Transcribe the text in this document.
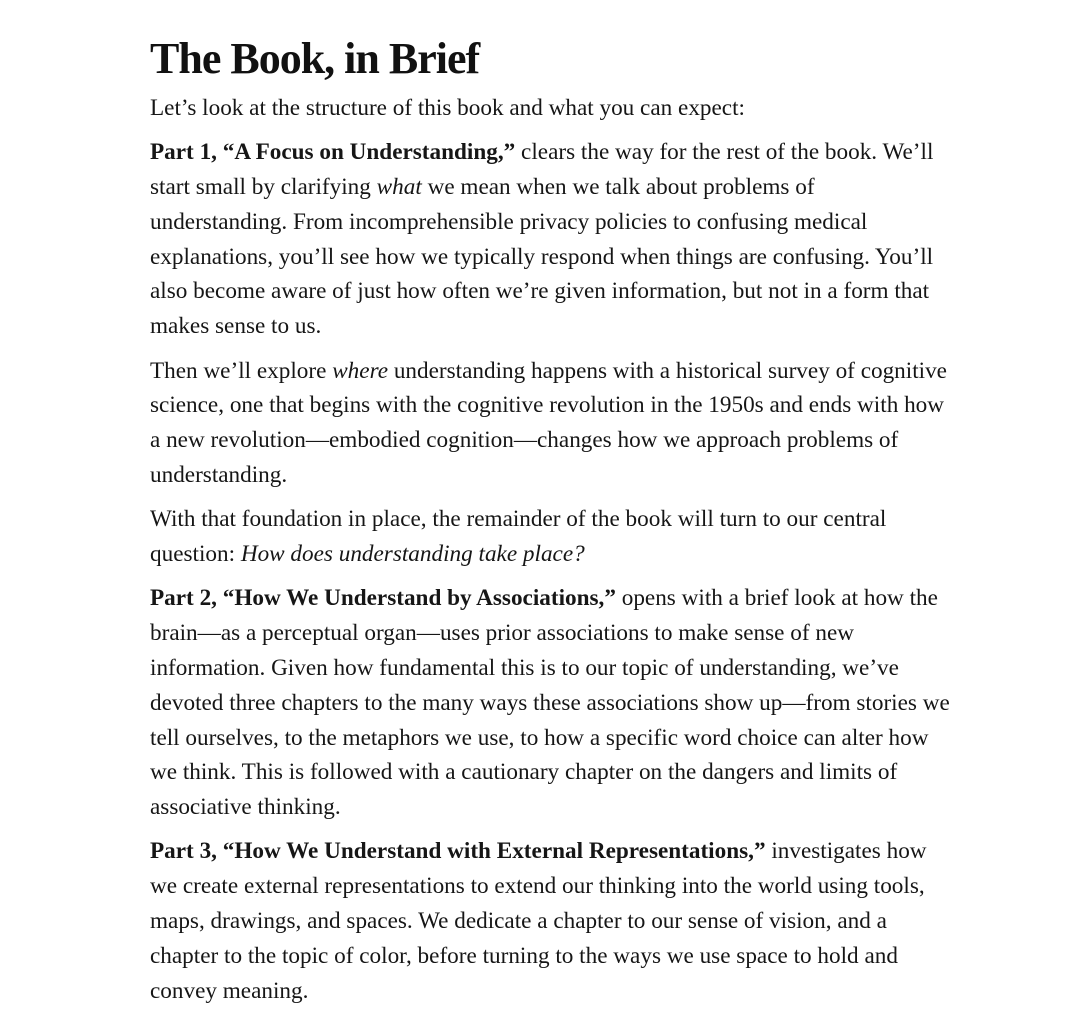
The Book, in Brief

Let’s look at the structure of this book and what you can expect:

Part 1, “A Focus on Understanding,” clears the way for the rest of the book. We’ll start small by clarifying what we mean when we talk about problems of understanding. From incomprehensible privacy policies to confusing medical explanations, you’ll see how we typically respond when things are confusing. You’ll also become aware of just how often we’re given information, but not in a form that makes sense to us.

Then we’ll explore where understanding happens with a historical survey of cognitive science, one that begins with the cognitive revolution in the 1950s and ends with how a new revolution—embodied cognition—changes how we approach problems of understanding.

With that foundation in place, the remainder of the book will turn to our central question: How does understanding take place?

Part 2, “How We Understand by Associations,” opens with a brief look at how the brain—as a perceptual organ—uses prior associations to make sense of new information. Given how fundamental this is to our topic of understanding, we’ve devoted three chapters to the many ways these associations show up—from stories we tell ourselves, to the metaphors we use, to how a specific word choice can alter how we think. This is followed with a cautionary chapter on the dangers and limits of associative thinking.

Part 3, “How We Understand with External Representations,” investigates how we create external representations to extend our thinking into the world using tools, maps, drawings, and spaces. We dedicate a chapter to our sense of vision, and a chapter to the topic of color, before turning to the ways we use space to hold and convey meaning.
